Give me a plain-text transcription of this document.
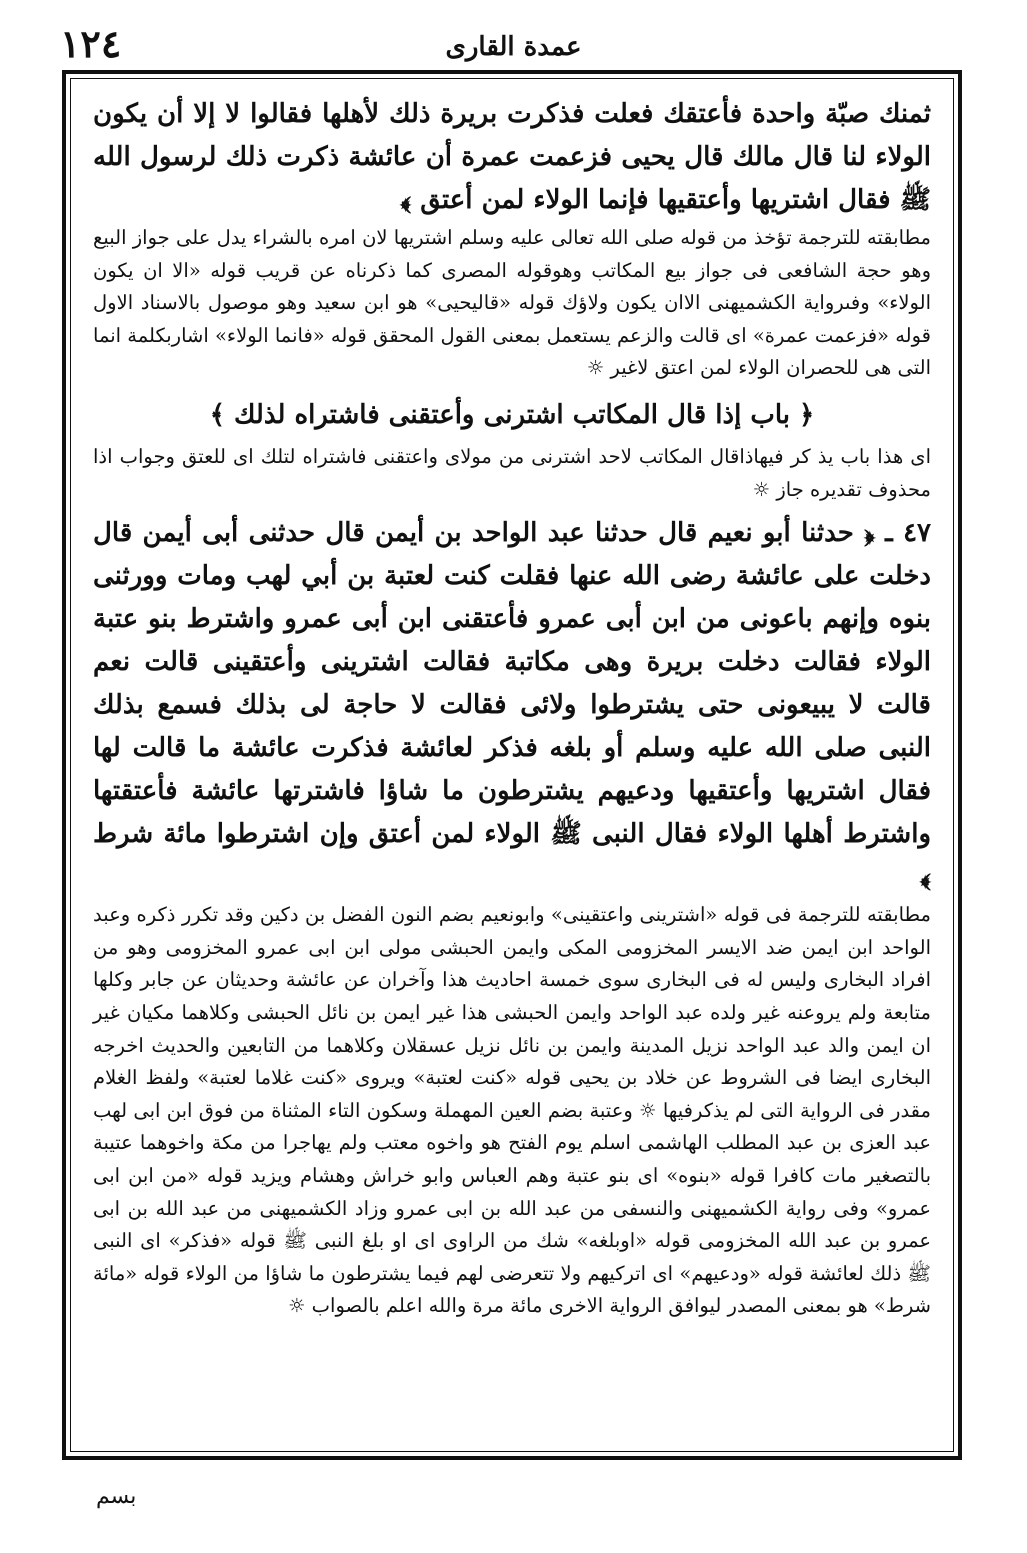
١٢٤	عمدة القارى

ثمنك صبّة واحدة فأعتقك فعلت فذكرت بريرة ذلك لأهلها فقالوا لا إلا أن يكون الولاء لنا قال مالك قال يحيى فزعمت عمرة أن عائشة ذكرت ذلك لرسول الله ﷺ فقال اشتريها وأعتقيها فإنما الولاء لمن أعتق ﴾

مطابقته للترجمة تؤخذ من قوله صلى الله تعالى عليه وسلم اشتريها لان امره بالشراء يدل على جواز البيع وهو حجة الشافعى فى جواز بيع المكاتب وهوقوله المصرى كما ذكرناه عن قريب قوله «الا ان يكون الولاء» وفىرواية الكشميهنى الاان يكون ولاؤك قوله «قاليحيى» هو ابن سعيد وهو موصول بالاسناد الاول قوله «فزعمت عمرة» اى قالت والزعم يستعمل بمعنى القول المحقق قوله «فانما الولاء» اشاربكلمة انما التى هى للحصران الولاء لمن اعتق لاغير ☼

﴿ باب إذا قال المكاتب اشترنى وأعتقنى فاشتراه لذلك ﴾

اى هذا باب يذ كر فيهاذاقال المكاتب لاحد اشترنى من مولاى واعتقنى فاشتراه لتلك اى للعتق وجواب اذا محذوف تقديره جاز ☼

٤٧ ـ ﴿ حدثنا أبو نعيم قال حدثنا عبد الواحد بن أيمن قال حدثنى أبى أيمن قال دخلت على عائشة رضى الله عنها فقلت كنت لعتبة بن أبي لهب ومات وورثنى بنوه وإنهم باعونى من ابن أبى عمرو فأعتقنى ابن أبى عمرو واشترط بنو عتبة الولاء فقالت دخلت بريرة وهى مكاتبة فقالت اشترينى وأعتقينى قالت نعم قالت لا يبيعونى حتى يشترطوا ولائى فقالت لا حاجة لى بذلك فسمع بذلك النبى صلى الله عليه وسلم أو بلغه فذكر لعائشة فذكرت عائشة ما قالت لها فقال اشتريها وأعتقيها ودعيهم يشترطون ما شاؤا فاشترتها عائشة فأعتقتها واشترط أهلها الولاء فقال النبى ﷺ الولاء لمن أعتق وإن اشترطوا مائة شرط ﴾

مطابقته للترجمة فى قوله «اشترينى واعتقينى» وابونعيم بضم النون الفضل بن دكين وقد تكرر ذكره وعبد الواحد ابن ايمن ضد الايسر المخزومى المكى وايمن الحبشى مولى ابن ابى عمرو المخزومى وهو من افراد البخارى وليس له فى البخارى سوى خمسة احاديث هذا وآخران عن عائشة وحديثان عن جابر وكلها متابعة ولم يروعنه غير ولده عبد الواحد وايمن الحبشى هذا غير ايمن بن نائل الحبشى وكلاهما مكيان غير ان ايمن والد عبد الواحد نزيل المدينة وايمن بن نائل نزيل عسقلان وكلاهما من التابعين والحديث اخرجه البخارى ايضا فى الشروط عن خلاد بن يحيى قوله «كنت لعتبة» ويروى «كنت غلاما لعتبة» ولفظ الغلام مقدر فى الرواية التى لم يذكرفيها ☼ وعتبة بضم العين المهملة وسكون التاء المثناة من فوق ابن ابى لهب عبد العزى بن عبد المطلب الهاشمى اسلم يوم الفتح هو واخوه معتب ولم يهاجرا من مكة واخوهما عتيبة بالتصغير مات كافرا قوله «بنوه» اى بنو عتبة وهم العباس وابو خراش وهشام ويزيد قوله «من ابن ابى عمرو» وفى رواية الكشميهنى والنسفى من عبد الله بن ابى عمرو وزاد الكشميهنى من عبد الله بن ابى عمرو بن عبد الله المخزومى قوله «اوبلغه» شك من الراوى اى او بلغ النبى ﷺ قوله «فذكر» اى النبى ﷺ ذلك لعائشة قوله «ودعيهم» اى اتركيهم ولا تتعرضى لهم فيما يشترطون ما شاؤا من الولاء قوله «مائة شرط» هو بمعنى المصدر ليوافق الرواية الاخرى مائة مرة والله اعلم بالصواب ☼

بسم
